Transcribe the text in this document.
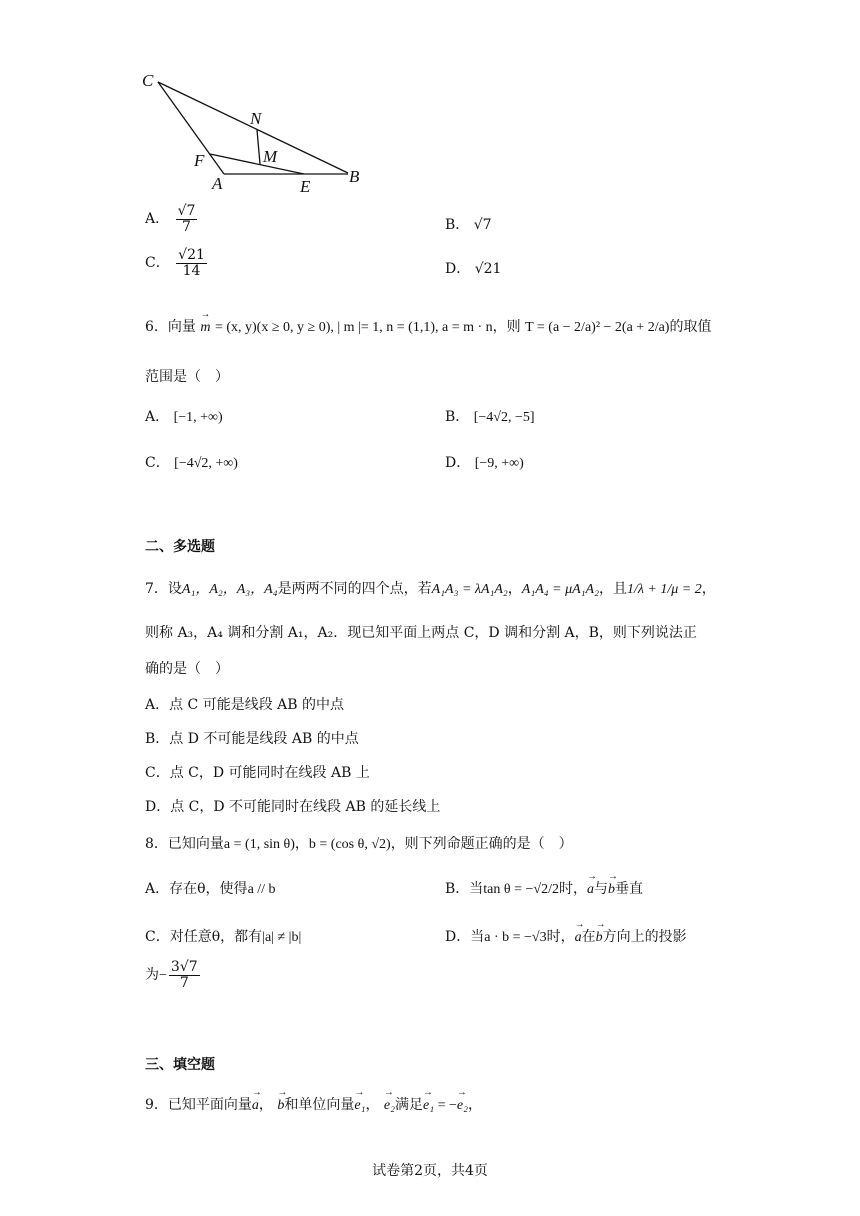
C
N
M
F
A	E
B
A． $\frac{√7}{7}$	B． √7
C． $\frac{√21}{14}$	D． √21
6．向量 → m = (x, y)(x ≥ 0, y ≥ 0), | m |= 1, n = (1,1), a = m · n，则 T = (a − 2/a)² − 2(a + 2/a)的取值
范围是（　）
A． [−1, +∞)	B． [−4√2, −5]
C． [−4√2, +∞)	D． [−9, +∞)
二、多选题
7．设A₁，A₂，A₃，A₄是两两不同的四个点，若A₁A₃ = λA₁A₂，A₁A₄ = μA₁A₂，且1/λ + 1/μ = 2，
则称 A₃，A₄ 调和分割 A₁，A₂．现已知平面上两点 C，D 调和分割 A，B，则下列说法正
确的是（　）
A．点 C 可能是线段 AB 的中点
B．点 D 不可能是线段 AB 的中点
C．点 C，D 可能同时在线段 AB 上
D．点 C，D 不可能同时在线段 AB 的延长线上
8．已知向量a = (1, sin θ)，b = (cos θ, √2)，则下列命题正确的是（　）
A．存在θ，使得a // b	B．当tan θ = −√2/2时，→ a与→ b垂直
C．对任意θ，都有|a| ≠ |b|	D．当a · b = −√3时，→ a在→ b方向上的投影
为− $\frac{3√7}{7}$
三、填空题
9．已知平面向量→ a， → b和单位向量→ e₁， → e₂满足→ e₁ = −→ e₂，
试卷第2页，共4页
